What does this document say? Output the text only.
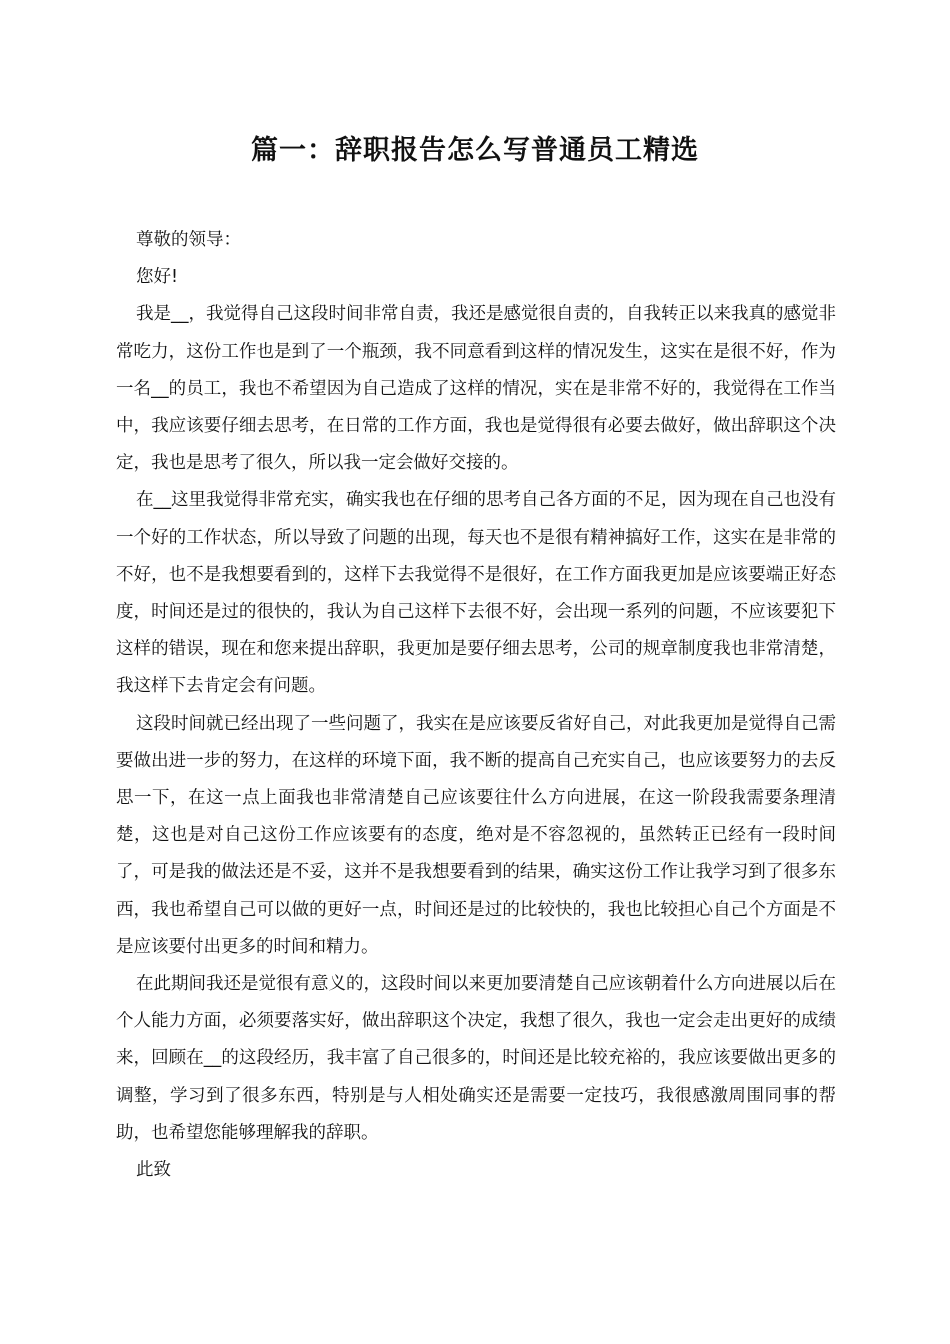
篇一：辞职报告怎么写普通员工精选

尊敬的领导：

您好!

我是__，我觉得自己这段时间非常自责，我还是感觉很自责的，自我转正以来我真的感觉非常吃力，这份工作也是到了一个瓶颈，我不同意看到这样的情况发生，这实在是很不好，作为一名__的员工，我也不希望因为自己造成了这样的情况，实在是非常不好的，我觉得在工作当中，我应该要仔细去思考，在日常的工作方面，我也是觉得很有必要去做好，做出辞职这个决定，我也是思考了很久，所以我一定会做好交接的。

在__这里我觉得非常充实，确实我也在仔细的思考自己各方面的不足，因为现在自己也没有一个好的工作状态，所以导致了问题的出现，每天也不是很有精神搞好工作，这实在是非常的不好，也不是我想要看到的，这样下去我觉得不是很好，在工作方面我更加是应该要端正好态度，时间还是过的很快的，我认为自己这样下去很不好，会出现一系列的问题，不应该要犯下这样的错误，现在和您来提出辞职，我更加是要仔细去思考，公司的规章制度我也非常清楚，我这样下去肯定会有问题。

这段时间就已经出现了一些问题了，我实在是应该要反省好自己，对此我更加是觉得自己需要做出进一步的努力，在这样的环境下面，我不断的提高自己充实自己，也应该要努力的去反思一下，在这一点上面我也非常清楚自己应该要往什么方向进展，在这一阶段我需要条理清楚，这也是对自己这份工作应该要有的态度，绝对是不容忽视的，虽然转正已经有一段时间了，可是我的做法还是不妥，这并不是我想要看到的结果，确实这份工作让我学习到了很多东西，我也希望自己可以做的更好一点，时间还是过的比较快的，我也比较担心自己个方面是不是应该要付出更多的时间和精力。

在此期间我还是觉很有意义的，这段时间以来更加要清楚自己应该朝着什么方向进展以后在个人能力方面，必须要落实好，做出辞职这个决定，我想了很久，我也一定会走出更好的成绩来，回顾在__的这段经历，我丰富了自己很多的，时间还是比较充裕的，我应该要做出更多的调整，学习到了很多东西，特别是与人相处确实还是需要一定技巧，我很感激周围同事的帮助，也希望您能够理解我的辞职。

此致
